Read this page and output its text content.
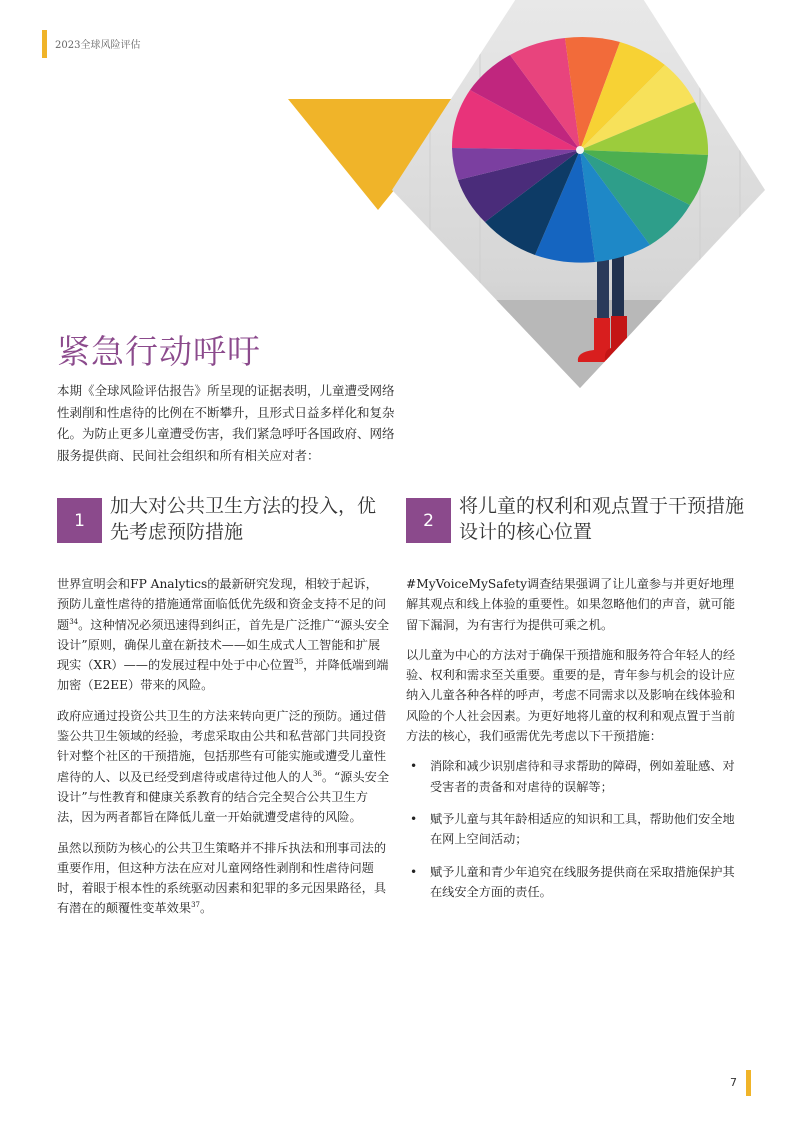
2023全球风险评估
紧急行动呼吁
本期《全球风险评估报告》所呈现的证据表明，儿童遭受网络性剥削和性虐待的比例在不断攀升，且形式日益多样化和复杂化。为防止更多儿童遭受伤害，我们紧急呼吁各国政府、网络服务提供商、民间社会组织和所有相关应对者：
1
加大对公共卫生方法的投入，优先考虑预防措施
2
将儿童的权利和观点置于干预措施设计的核心位置

世界宣明会和FP Analytics的最新研究发现，相较于起诉，预防儿童性虐待的措施通常面临低优先级和资金支持不足的问题$^{34}$。这种情况必须迅速得到纠正，首先是广泛推广“源头安全设计”原则，确保儿童在新技术——如生成式人工智能和扩展现实（XR）——的发展过程中处于中心位置$^{35}$，并降低端到端加密（E2EE）带来的风险。

政府应通过投资公共卫生的方法来转向更广泛的预防。通过借鉴公共卫生领域的经验，考虑采取由公共和私营部门共同投资针对整个社区的干预措施，包括那些有可能实施或遭受儿童性虐待的人、以及已经受到虐待或虐待过他人的人$^{36}$。“源头安全设计”与性教育和健康关系教育的结合完全契合公共卫生方法，因为两者都旨在降低儿童一开始就遭受虐待的风险。

虽然以预防为核心的公共卫生策略并不排斥执法和刑事司法的重要作用，但这种方法在应对儿童网络性剥削和性虐待问题时，着眼于根本性的系统驱动因素和犯罪的多元因果路径，具有潜在的颠覆性变革效果$^{37}$。

#MyVoiceMySafety调查结果强调了让儿童参与并更好地理解其观点和线上体验的重要性。如果忽略他们的声音，就可能留下漏洞，为有害行为提供可乘之机。

以儿童为中心的方法对于确保干预措施和服务符合年轻人的经验、权利和需求至关重要。重要的是，青年参与机会的设计应纳入儿童各种各样的呼声，考虑不同需求以及影响在线体验和风险的个人社会因素。为更好地将儿童的权利和观点置于当前方法的核心，我们亟需优先考虑以下干预措施：

• 消除和减少识别虐待和寻求帮助的障碍，例如羞耻感、对受害者的责备和对虐待的误解等；
• 赋予儿童与其年龄相适应的知识和工具，帮助他们安全地在网上空间活动；
• 赋予儿童和青少年追究在线服务提供商在采取措施保护其在线安全方面的责任。
7
